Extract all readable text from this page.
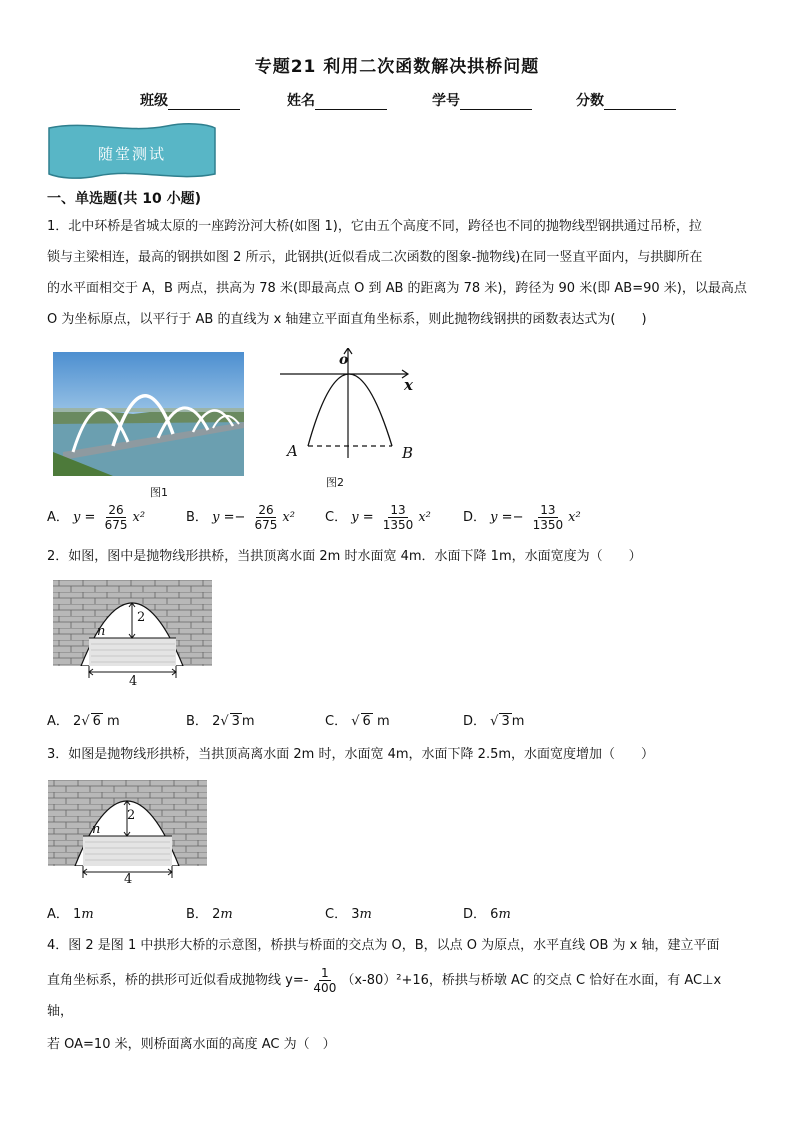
专题21 利用二次函数解决拱桥问题
班级	姓名	学号	分数
随堂测试
一、单选题(共 10 小题)
1．北中环桥是省城太原的一座跨汾河大桥(如图 1)，它由五个高度不同，跨径也不同的抛物线型钢拱通过吊桥，拉
锁与主梁相连，最高的钢拱如图 2 所示，此钢拱(近似看成二次函数的图象-抛物线)在同一竖直平面内，与拱脚所在
的水平面相交于 A，B 两点，拱高为 78 米(即最高点 O 到 AB 的距离为 78 米)，跨径为 90 米(即 AB=90 米)，以最高点
O 为坐标原点，以平行于 AB 的直线为 x 轴建立平面直角坐标系，则此抛物线钢拱的函数表达式为(　　)
图1
o
x
A	B
图2
A． $y = \frac{26}{675} x^2$	B． $y =- \frac{26}{675} x^2$ C． $y = \frac{13}{1350} x^2$ D． $y =- \frac{13}{1350} x^2$
2．如图，图中是抛物线形拱桥，当拱顶离水面 2m 时水面宽 4m．水面下降 1m，水面宽度为（　　）
2
4
n
A． 2√ 6 m	B． 2√ 3 m	C． √ 6 m	D． √ 3 m
3．如图是抛物线形拱桥，当拱顶高离水面 2m 时，水面宽 4m，水面下降 2.5m，水面宽度增加（　　）
2
4
n
A． 1m	B． 2m	C． 3m	D． 6m
4．图 2 是图 1 中拱形大桥的示意图，桥拱与桥面的交点为 O，B，以点 O 为原点，水平直线 OB 为 x 轴，建立平面
直角坐标系，桥的拱形可近似看成抛物线 $y=- \frac{1}{400} (x-80)^2+16$，桥拱与桥墩 AC 的交点 C 恰好在水面，有 AC⊥x 轴，
若 OA=10 米，则桥面离水面的高度 AC 为（　）
